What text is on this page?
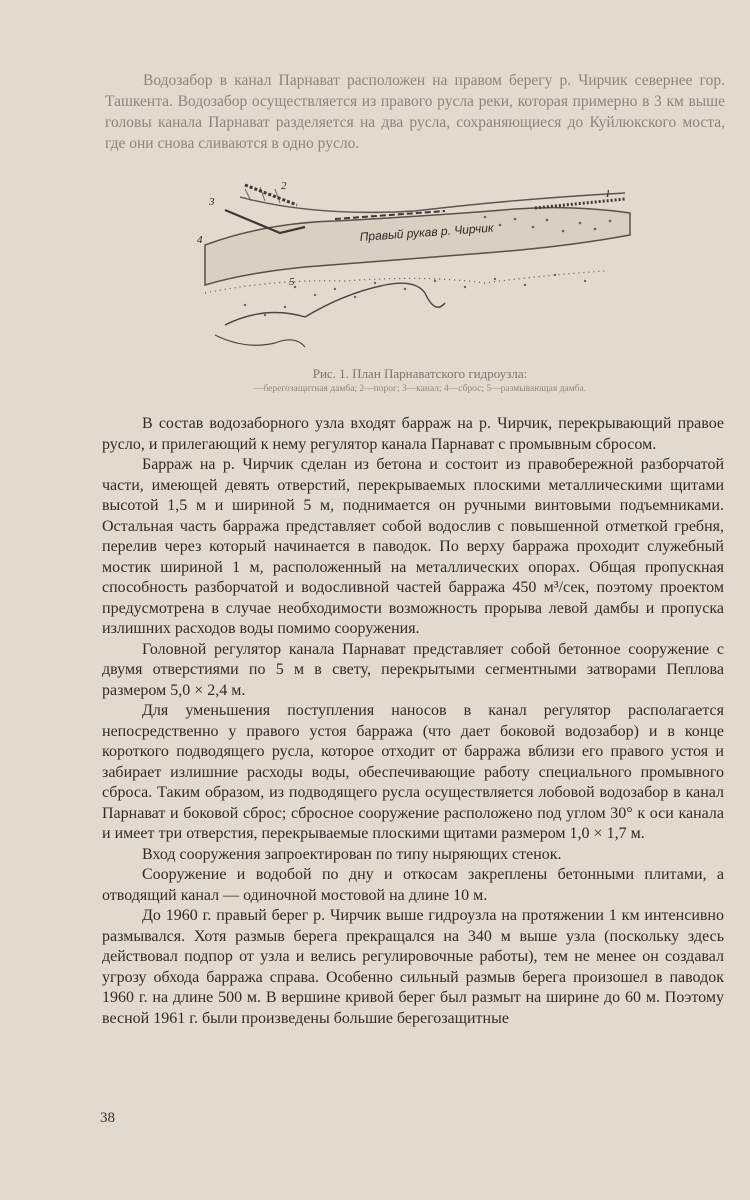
Водозабор в канал Парнават расположен на правом берегу р. Чирчик севернее гор. Ташкента. Водозабор осуществляется из правого русла реки, которая примерно в 3 км выше головы канала Парнават разделяется на два русла, сохраняющиеся до Куйлюкского моста, где они снова сливаются в одно русло.

Правый рукав р. Чирчик
1
2
3
4
5

Рис. 1. План Парнаватского гидроузла:

—берегозащитная дамба; 2—порог; 3—канал; 4—сброс; 5—размывающая дамба.

В состав водозаборного узла входят барраж на р. Чирчик, перекрывающий правое русло, и прилегающий к нему регулятор канала Парнават с промывным сбросом.

Барраж на р. Чирчик сделан из бетона и состоит из правобережной разборчатой части, имеющей девять отверстий, перекрываемых плоскими металлическими щитами высотой 1,5 м и шириной 5 м, поднимается он ручными винтовыми подъемниками. Остальная часть барража представляет собой водослив с повышенной отметкой гребня, перелив через который начинается в паводок. По верху барража проходит служебный мостик шириной 1 м, расположенный на металлических опорах. Общая пропускная способность разборчатой и водосливной частей барража 450 м³/сек, поэтому проектом предусмотрена в случае необходимости возможность прорыва левой дамбы и пропуска излишних расходов воды помимо сооружения.

Головной регулятор канала Парнават представляет собой бетонное сооружение с двумя отверстиями по 5 м в свету, перекрытыми сегментными затворами Пеплова размером 5,0 × 2,4 м.

Для уменьшения поступления наносов в канал регулятор располагается непосредственно у правого устоя барража (что дает боковой водозабор) и в конце короткого подводящего русла, которое отходит от барража вблизи его правого устоя и забирает излишние расходы воды, обеспечивающие работу специального промывного сброса. Таким образом, из подводящего русла осуществляется лобовой водозабор в канал Парнават и боковой сброс; сбросное сооружение расположено под углом 30° к оси канала и имеет три отверстия, перекрываемые плоскими щитами размером 1,0 × 1,7 м.

Вход сооружения запроектирован по типу ныряющих стенок.

Сооружение и водобой по дну и откосам закреплены бетонными плитами, а отводящий канал — одиночной мостовой на длине 10 м.

До 1960 г. правый берег р. Чирчик выше гидроузла на протяжении 1 км интенсивно размывался. Хотя размыв берега прекращался на 340 м выше узла (поскольку здесь действовал подпор от узла и велись регулировочные работы), тем не менее он создавал угрозу обхода барража справа. Особенно сильный размыв берега произошел в паводок 1960 г. на длине 500 м. В вершине кривой берег был размыт на ширине до 60 м. Поэтому весной 1961 г. были произведены большие берегозащитные

38
